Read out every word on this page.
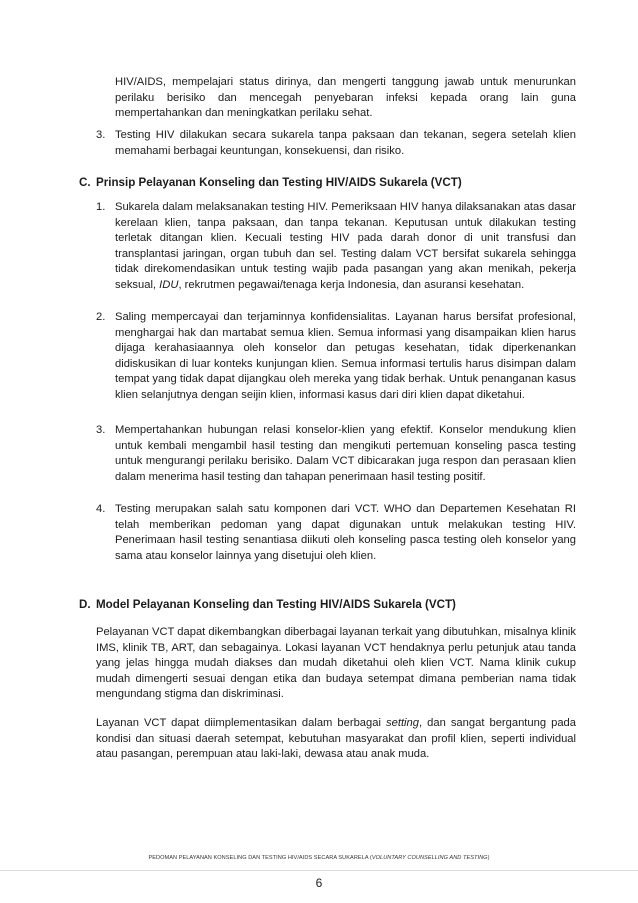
HIV/AIDS, mempelajari status dirinya, dan mengerti tanggung jawab untuk menurunkan perilaku berisiko dan mencegah penyebaran infeksi kepada orang lain guna mempertahankan dan meningkatkan perilaku sehat.

3. Testing HIV dilakukan secara sukarela tanpa paksaan dan tekanan, segera setelah klien memahami berbagai keuntungan, konsekuensi, dan risiko.

C. Prinsip Pelayanan Konseling dan Testing HIV/AIDS Sukarela (VCT)
1. Sukarela dalam melaksanakan testing HIV. Pemeriksaan HIV hanya dilaksanakan atas dasar kerelaan klien, tanpa paksaan, dan tanpa tekanan. Keputusan untuk dilakukan testing terletak ditangan klien. Kecuali testing HIV pada darah donor di unit transfusi dan transplantasi jaringan, organ tubuh dan sel. Testing dalam VCT bersifat sukarela sehingga tidak direkomendasikan untuk testing wajib pada pasangan yang akan menikah, pekerja seksual, IDU, rekrutmen pegawai/tenaga kerja Indonesia, dan asuransi kesehatan.

2. Saling mempercayai dan terjaminnya konfidensialitas. Layanan harus bersifat profesional, menghargai hak dan martabat semua klien. Semua informasi yang disampaikan klien harus dijaga kerahasiaannya oleh konselor dan petugas kesehatan, tidak diperkenankan didiskusikan di luar konteks kunjungan klien. Semua informasi tertulis harus disimpan dalam tempat yang tidak dapat dijangkau oleh mereka yang tidak berhak. Untuk penanganan kasus klien selanjutnya dengan seijin klien, informasi kasus dari diri klien dapat diketahui.

3. Mempertahankan hubungan relasi konselor-klien yang efektif. Konselor mendukung klien untuk kembali mengambil hasil testing dan mengikuti pertemuan konseling pasca testing untuk mengurangi perilaku berisiko. Dalam VCT dibicarakan juga respon dan perasaan klien dalam menerima hasil testing dan tahapan penerimaan hasil testing positif.

4. Testing merupakan salah satu komponen dari VCT. WHO dan Departemen Kesehatan RI telah memberikan pedoman yang dapat digunakan untuk melakukan testing HIV. Penerimaan hasil testing senantiasa diikuti oleh konseling pasca testing oleh konselor yang sama atau konselor lainnya yang disetujui oleh klien.

D. Model Pelayanan Konseling dan Testing HIV/AIDS Sukarela (VCT)

Pelayanan VCT dapat dikembangkan diberbagai layanan terkait yang dibutuhkan, misalnya klinik IMS, klinik TB, ART, dan sebagainya. Lokasi layanan VCT hendaknya perlu petunjuk atau tanda yang jelas hingga mudah diakses dan mudah diketahui oleh klien VCT. Nama klinik cukup mudah dimengerti sesuai dengan etika dan budaya setempat dimana pemberian nama tidak mengundang stigma dan diskriminasi.

Layanan VCT dapat diimplementasikan dalam berbagai setting, dan sangat bergantung pada kondisi dan situasi daerah setempat, kebutuhan masyarakat dan profil klien, seperti individual atau pasangan, perempuan atau laki-laki, dewasa atau anak muda.

PEDOMAN PELAYANAN KONSELING DAN TESTING HIV/AIDS SECARA SUKARELA (VOLUNTARY COUNSELLING AND TESTING)
6
